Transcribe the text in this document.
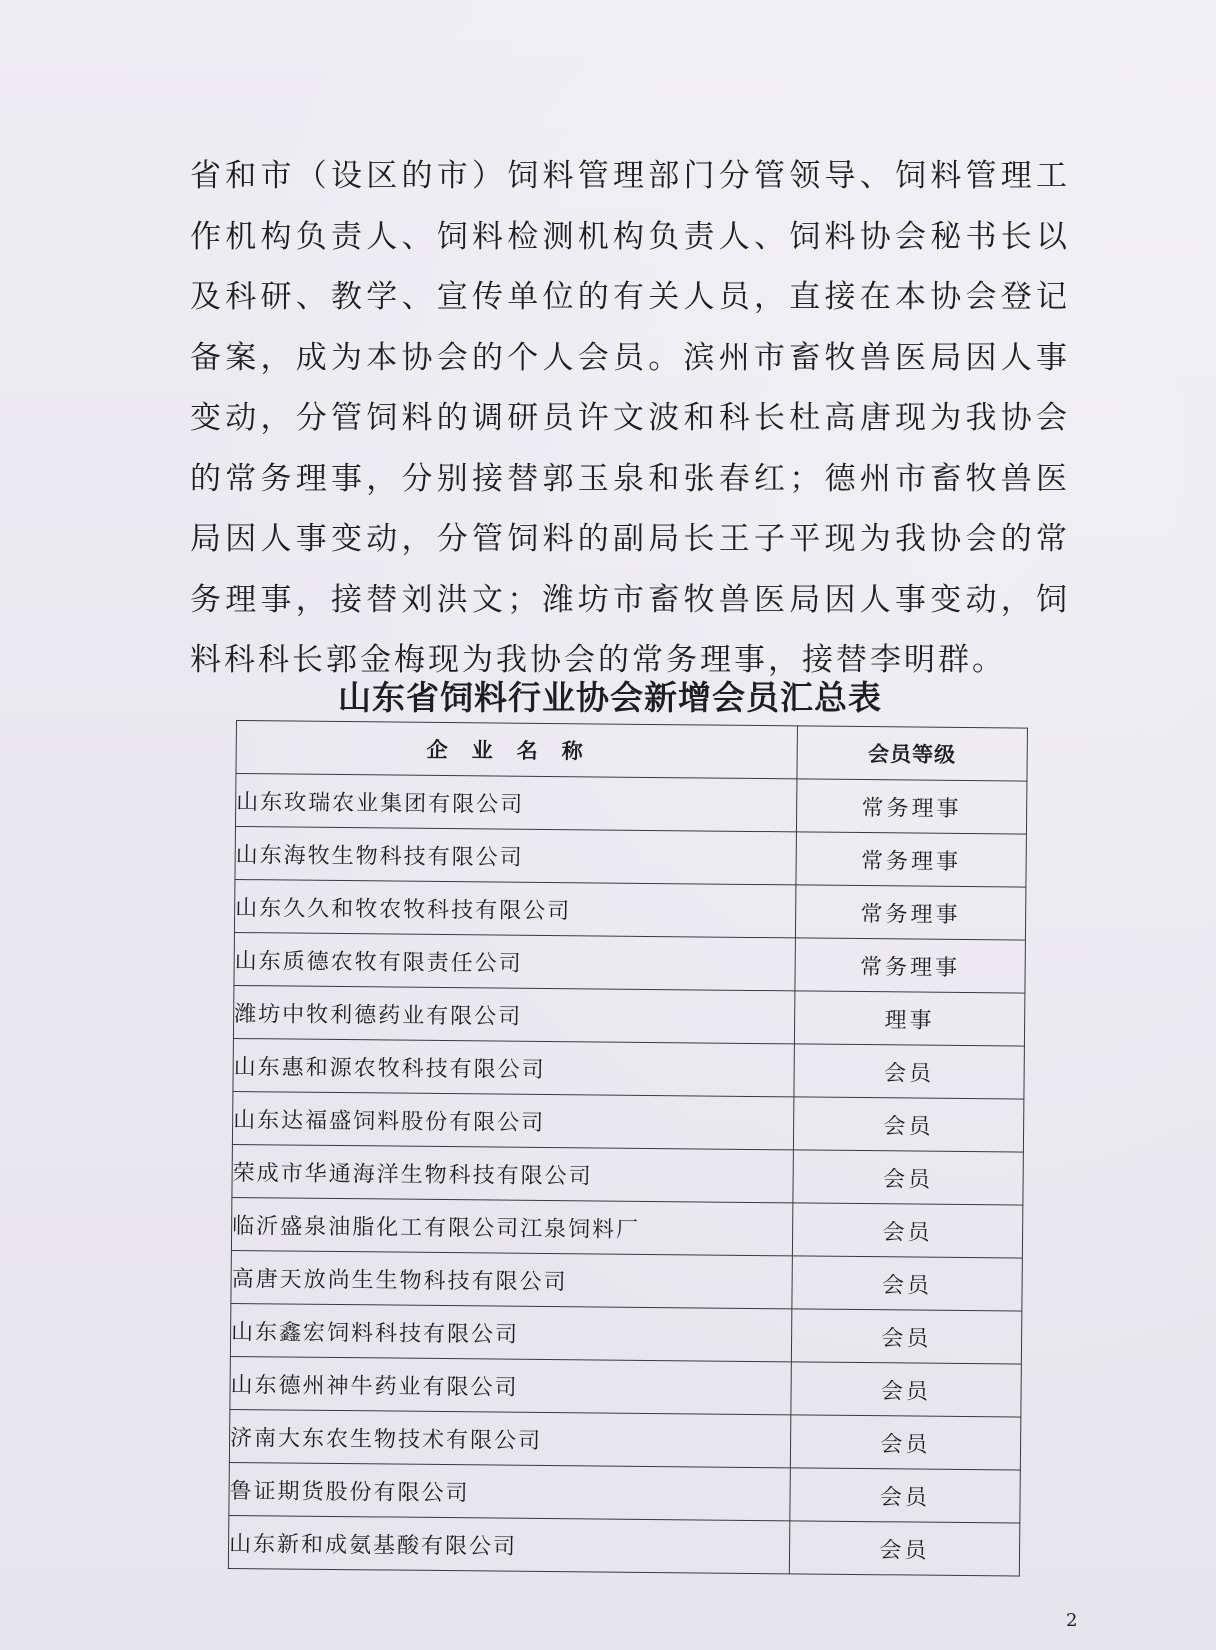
省和市（设区的市）饲料管理部门分管领导、饲料管理工作机构负责人、饲料检测机构负责人、饲料协会秘书长以及科研、教学、宣传单位的有关人员，直接在本协会登记备案，成为本协会的个人会员。滨州市畜牧兽医局因人事变动，分管饲料的调研员许文波和科长杜高唐现为我协会的常务理事，分别接替郭玉泉和张春红；德州市畜牧兽医局因人事变动，分管饲料的副局长王子平现为我协会的常务理事，接替刘洪文；潍坊市畜牧兽医局因人事变动，饲料科科长郭金梅现为我协会的常务理事，接替李明群。

山东省饲料行业协会新增会员汇总表
企业名称	会员等级
山东玫瑞农业集团有限公司	常务理事
山东海牧生物科技有限公司	常务理事
山东久久和牧农牧科技有限公司	常务理事
山东质德农牧有限责任公司	常务理事
潍坊中牧利德药业有限公司	理事
山东惠和源农牧科技有限公司	会员
山东达福盛饲料股份有限公司	会员
荣成市华通海洋生物科技有限公司	会员
临沂盛泉油脂化工有限公司江泉饲料厂	会员
高唐天放尚生生物科技有限公司	会员
山东鑫宏饲料科技有限公司	会员
山东德州神牛药业有限公司	会员
济南大东农生物技术有限公司	会员
鲁证期货股份有限公司	会员
山东新和成氨基酸有限公司	会员
2
